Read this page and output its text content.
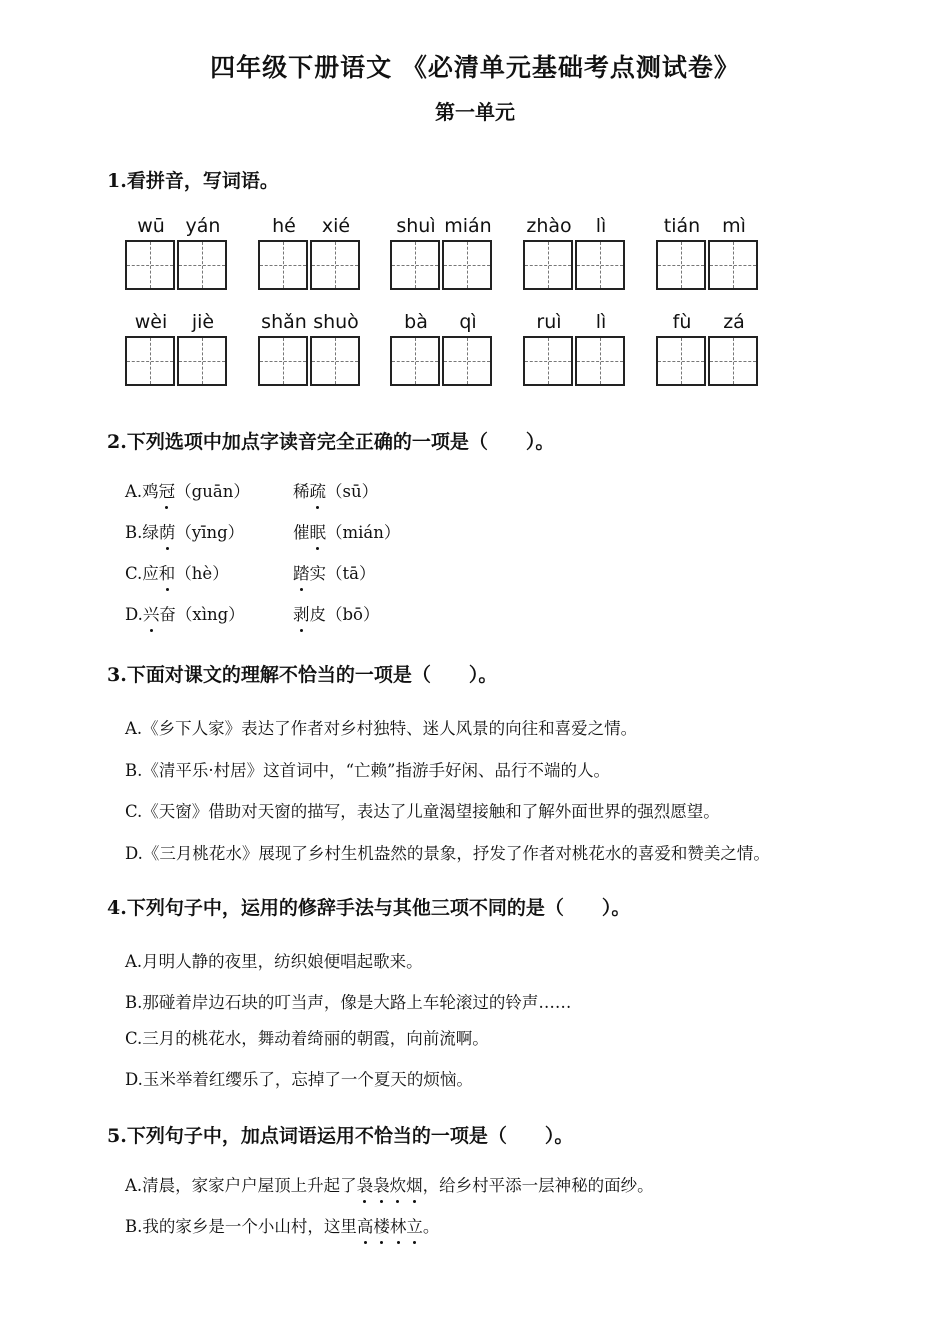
四年级下册语文 《必清单元基础考点测试卷》
第一单元
1.看拼音，写词语。
wū	yán	hé	xié	shuì mián zhào	lì	tián	mì
wèi	jiè	shǎn shuò	bà	qì	ruì	lì	fù	zá
2.下列选项中加点字读音完全正确的一项是（　　）。
A.鸡冠（guān）	稀疏（sū）
B.绿荫（yīng）	催眠（mián）
C.应和（hè）	踏实（tā）
D.兴奋（xìng）	剥皮（bō）
3.下面对课文的理解不恰当的一项是（　　）。
A.《乡下人家》表达了作者对乡村独特、迷人风景的向往和喜爱之情。
B.《清平乐·村居》这首词中，“亡赖”指游手好闲、品行不端的人。
C.《天窗》借助对天窗的描写，表达了儿童渴望接触和了解外面世界的强烈愿望。
D.《三月桃花水》展现了乡村生机盎然的景象，抒发了作者对桃花水的喜爱和赞美之情。
4.下列句子中，运用的修辞手法与其他三项不同的是（　　）。
A.月明人静的夜里，纺织娘便唱起歌来。
B.那碰着岸边石块的叮当声，像是大路上车轮滚过的铃声……
C.三月的桃花水，舞动着绮丽的朝霞，向前流啊。
D.玉米举着红缨乐了，忘掉了一个夏天的烦恼。
5.下列句子中，加点词语运用不恰当的一项是（　　）。
A.清晨，家家户户屋顶上升起了袅袅炊烟，给乡村平添一层神秘的面纱。
B.我的家乡是一个小山村，这里高楼林立。
